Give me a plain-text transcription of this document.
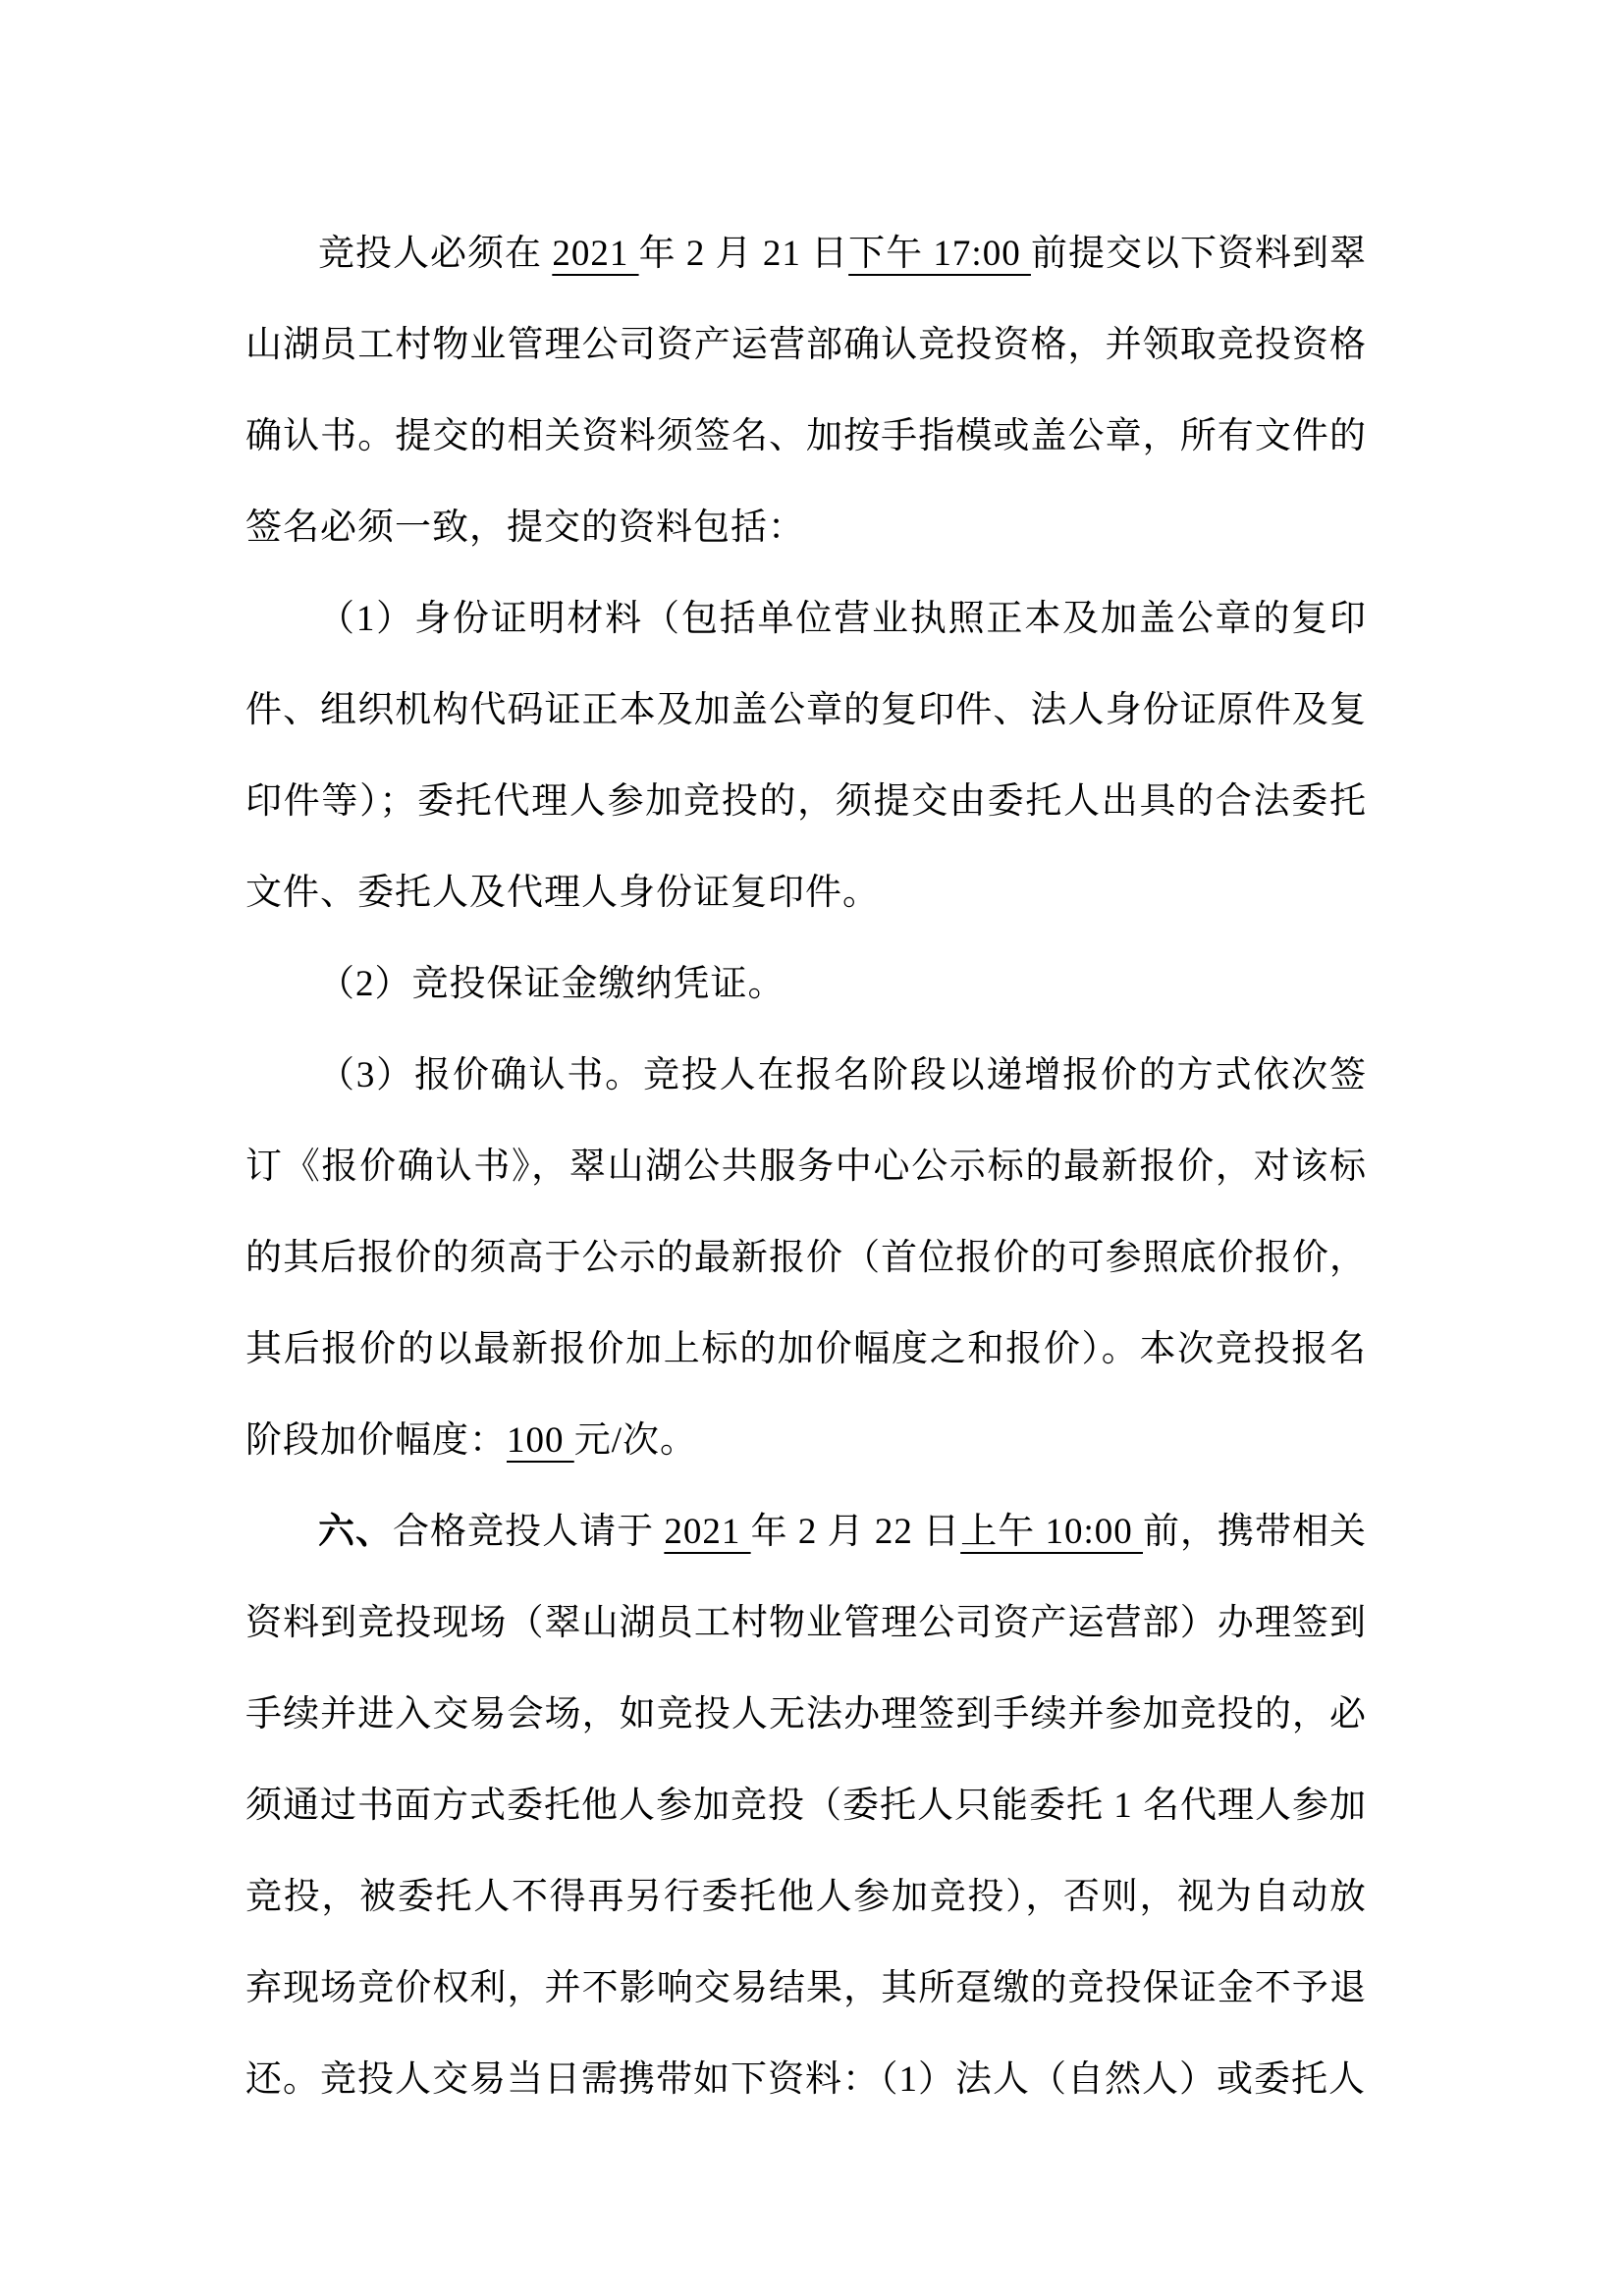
竞投人必须在 2021 年 2 月 21 日下午 17:00 前提交以下资料到翠山湖员工村物业管理公司资产运营部确认竞投资格，并领取竞投资格确认书。提交的相关资料须签名、加按手指模或盖公章，所有文件的签名必须一致，提交的资料包括：

（1）身份证明材料（包括单位营业执照正本及加盖公章的复印件、组织机构代码证正本及加盖公章的复印件、法人身份证原件及复印件等）；委托代理人参加竞投的，须提交由委托人出具的合法委托文件、委托人及代理人身份证复印件。

（2）竞投保证金缴纳凭证。

（3）报价确认书。竞投人在报名阶段以递增报价的方式依次签订《报价确认书》，翠山湖公共服务中心公示标的最新报价，对该标的其后报价的须高于公示的最新报价（首位报价的可参照底价报价，其后报价的以最新报价加上标的加价幅度之和报价）。本次竞投报名阶段加价幅度：100 元/次。

六、合格竞投人请于 2021 年 2 月 22 日上午 10:00 前，携带相关资料到竞投现场（翠山湖员工村物业管理公司资产运营部）办理签到手续并进入交易会场，如竞投人无法办理签到手续并参加竞投的，必须通过书面方式委托他人参加竞投（委托人只能委托 1 名代理人参加竞投，被委托人不得再另行委托他人参加竞投），否则，视为自动放弃现场竞价权利，并不影响交易结果，其所趸缴的竞投保证金不予退还。竞投人交易当日需携带如下资料：（1）法人（自然人）或委托人
